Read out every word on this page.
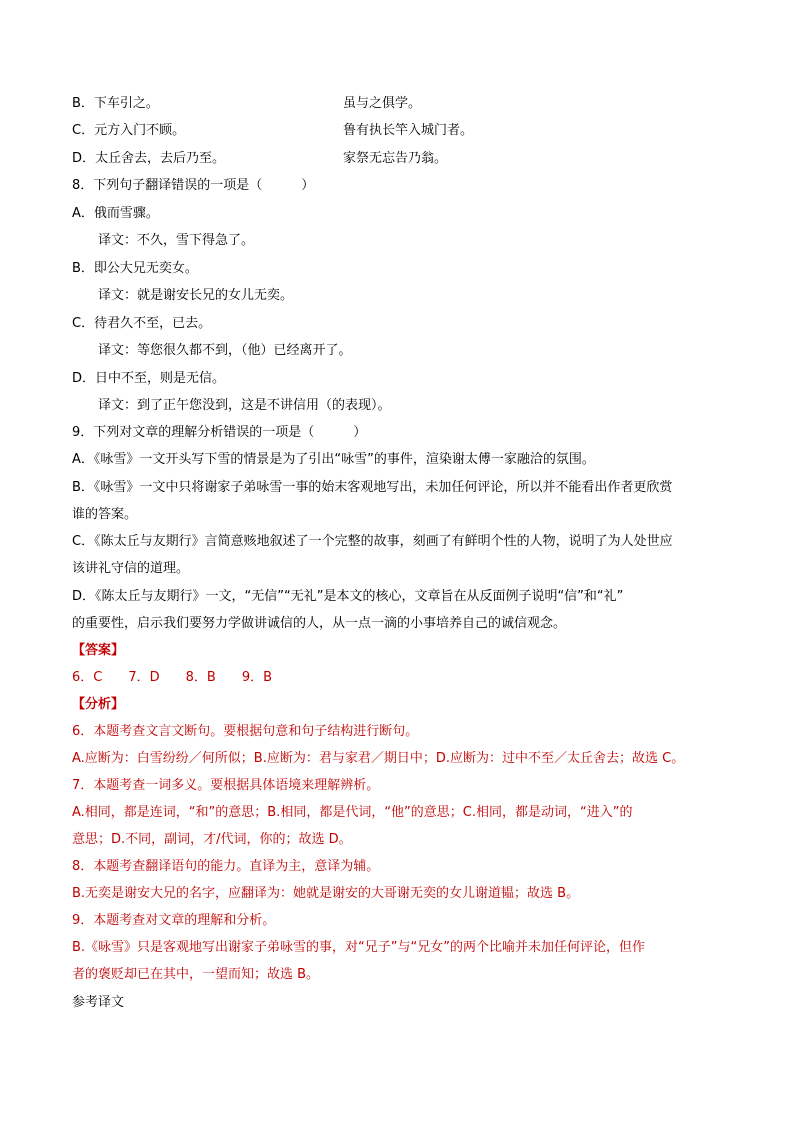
B．下车引之。	虽与之俱学。
C．元方入门不顾。	鲁有执长竿入城门者。
D．太丘舍去，去后乃至。	家祭无忘告乃翁。
8．下列句子翻译错误的一项是（　　　）
A．俄而雪骤。
译文：不久，雪下得急了。
B．即公大兄无奕女。
译文：就是谢安长兄的女儿无奕。
C．待君久不至，已去。
译文：等您很久都不到，（他）已经离开了。
D．日中不至，则是无信。
译文：到了正午您没到，这是不讲信用（的表现）。
9．下列对文章的理解分析错误的一项是（　　　）
A．《咏雪》一文开头写下雪的情景是为了引出“咏雪”的事件，渲染谢太傅一家融洽的氛围。
B．《咏雪》一文中只将谢家子弟咏雪一事的始末客观地写出，未加任何评论，所以并不能看出作者更欣赏
谁的答案。
C．《陈太丘与友期行》言简意赅地叙述了一个完整的故事，刻画了有鲜明个性的人物，说明了为人处世应
该讲礼守信的道理。
D．《陈太丘与友期行》一文，“无信”“无礼”是本文的核心，文章旨在从反面例子说明“信”和“礼”
的重要性，启示我们要努力学做讲诚信的人，从一点一滴的小事培养自己的诚信观念。
【答案】
6．C　　7．D　　8．B　　9．B
【分析】
6．本题考查文言文断句。要根据句意和句子结构进行断句。
A.应断为：白雪纷纷／何所似；B.应断为：君与家君／期日中；D.应断为：过中不至／太丘舍去；故选 C。
7．本题考查一词多义。要根据具体语境来理解辨析。
A.相同，都是连词，“和”的意思；B.相同，都是代词，“他”的意思；C.相同，都是动词，“进入”的
意思；D.不同，副词，才/代词，你的；故选 D。
8．本题考查翻译语句的能力。直译为主，意译为辅。
B.无奕是谢安大兄的名字，应翻译为：她就是谢安的大哥谢无奕的女儿谢道韫；故选 B。
9．本题考查对文章的理解和分析。
B.《咏雪》只是客观地写出谢家子弟咏雪的事，对“兄子”与“兄女”的两个比喻并未加任何评论，但作
者的褒贬却已在其中，一望而知；故选 B。
参考译文
